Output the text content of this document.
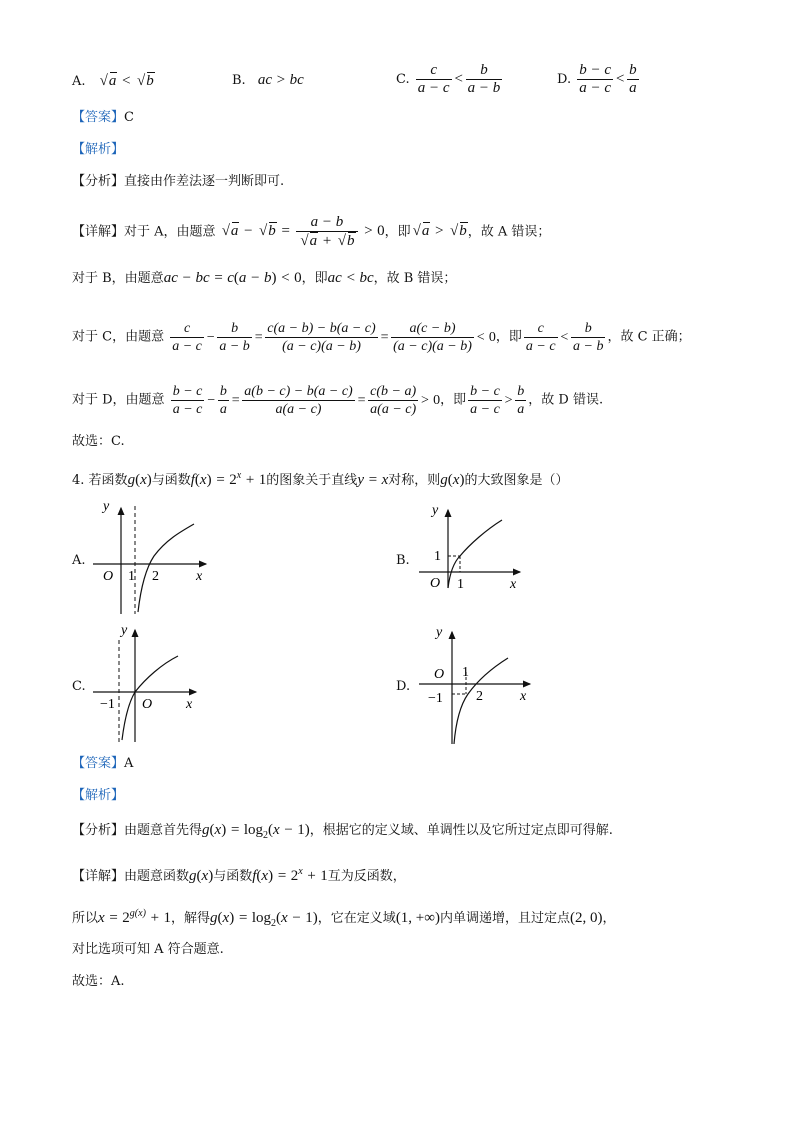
A. √ a < √ b	B. ac > bc	C. $\frac{c}{a - c} < \frac{b}{a - b}$	D. $\frac{b - c}{a - c} < \frac{b}{a}$
【答案】C
【解析】
【分析】直接由作差法逐一判断即可.
【详解】对于 A，由题意 √ a − √ b = a − b
√ a + √ b > 0，即 √ a > √ b，故 A 错误；
对于 B，由题意ac − bc = c(a − b) < 0，即ac < bc，故 B 错误；
对于 C，由题意 $\frac{c}{a - c} - \frac{b}{a - b} = \frac{c(a - b) - b(a - c)}{(a - c)(a - b)} = \frac{a(c - b)}{(a - c)(a - b)} < 0$，即 $\frac{c}{a - c} < \frac{b}{a - b}$ ，故 C 正确；
对于 D，由题意 $\frac{b - c}{a - c} - \frac{b}{a} = \frac{a(b - c) - b(a - c)}{a(a - c)} = \frac{c(b - a)}{a(a - c)} > 0$，即 $\frac{b - c}{a - c} > \frac{b}{a}$ ，故 D 错误.
故选：C.
4. 若函数g(x)与函数$f(x) = 2^x + 1$的图象关于直线y = x对称，则g(x)的大致图象是（）
A.	B.
C.	D.
y
x
O 1 2
y
x
O
1
1
y
x
O
−1
y
x
O 1
−1 2
【答案】A
【解析】
【分析】由题意首先得$g(x) = \log_2(x - 1)$，根据它的定义域、单调性以及它所过定点即可得解.
【详解】由题意函数g(x)与函数$f(x) = 2^x + 1$互为反函数，
所以$x = 2^{g(x)} + 1$，解得$g(x) = \log_2(x - 1)$，它在定义域(1, +∞)内单调递增，且过定点(2, 0)，
对比选项可知 A 符合题意.
故选：A.
